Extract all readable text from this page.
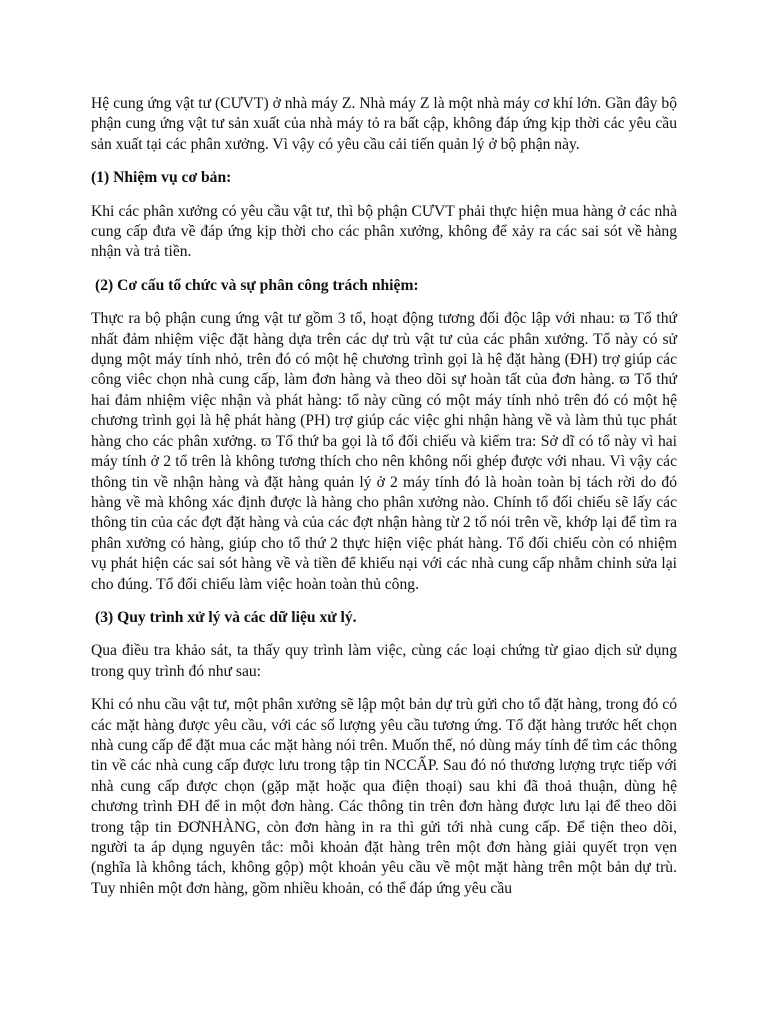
Hệ cung ứng vật tư (CƯVT) ở nhà máy Z. Nhà máy Z là một nhà máy cơ khí lớn. Gần đây bộ phận cung ứng vật tư sản xuất của nhà máy tỏ ra bất cập, không đáp ứng kịp thời các yêu cầu sản xuất tại các phân xưởng. Vì vậy có yêu cầu cải tiến quản lý ở bộ phận này.

(1) Nhiệm vụ cơ bản:

Khi các phân xưởng có yêu cầu vật tư, thì bộ phận CƯVT phải thực hiện mua hàng ở các nhà cung cấp đưa về đáp ứng kịp thời cho các phân xưởng, không để xảy ra các sai sót về hàng nhận và trả tiền.

(2) Cơ cấu tổ chức và sự phân công trách nhiệm:

Thực ra bộ phận cung ứng vật tư gồm 3 tổ, hoạt động tương đối độc lập với nhau: ϖ Tổ thứ nhất đảm nhiệm việc đặt hàng dựa trên các dự trù vật tư của các phân xưởng. Tổ này có sử dụng một máy tính nhỏ, trên đó có một hệ chương trình gọi là hệ đặt hàng (ĐH) trợ giúp các công viêc chọn nhà cung cấp, làm đơn hàng và theo dõi sự hoàn tất của đơn hàng. ϖ Tổ thứ hai đảm nhiệm việc nhận và phát hàng: tổ này cũng có một máy tính nhỏ trên đó có một hệ chương trình gọi là hệ phát hàng (PH) trợ giúp các việc ghi nhận hàng về và làm thủ tục phát hàng cho các phân xưởng. ϖ Tổ thứ ba gọi là tổ đối chiếu và kiểm tra: Sở dĩ có tổ này vì hai máy tính ở 2 tổ trên là không tương thích cho nên không nối ghép được với nhau. Vì vậy các thông tin về nhận hàng và đặt hàng quản lý ở 2 máy tính đó là hoàn toàn bị tách rời do đó hàng về mà không xác định được là hàng cho phân xưởng nào. Chính tổ đối chiếu sẽ lấy các thông tin của các đợt đặt hàng và của các đợt nhận hàng từ 2 tổ nói trên về, khớp lại để tìm ra phân xưởng có hàng, giúp cho tổ thứ 2 thực hiện việc phát hàng. Tổ đối chiếu còn có nhiệm vụ phát hiện các sai sót hàng về và tiền để khiếu nại với các nhà cung cấp nhằm chỉnh sửa lại cho đúng. Tổ đối chiếu làm việc hoàn toàn thủ công.

(3) Quy trình xử lý và các dữ liệu xử lý.

Qua điều tra khảo sát, ta thấy quy trình làm việc, cùng các loại chứng từ giao dịch sử dụng trong quy trình đó như sau:

Khi có nhu cầu vật tư, một phân xưởng sẽ lập một bản dự trù gửi cho tổ đặt hàng, trong đó có các mặt hàng được yêu cầu, với các số lượng yêu cầu tương ứng. Tổ đặt hàng trước hết chọn nhà cung cấp để đặt mua các mặt hàng nói trên. Muốn thế, nó dùng máy tính để tìm các thông tin về các nhà cung cấp được lưu trong tập tin NCCẤP. Sau đó nó thương lượng trực tiếp với nhà cung cấp được chọn (gặp mặt hoặc qua điện thoại) sau khi đã thoả thuận, dùng hệ chương trình ĐH để in một đơn hàng. Các thông tin trên đơn hàng được lưu lại để theo dõi trong tập tin ĐƠNHÀNG, còn đơn hàng in ra thì gửi tới nhà cung cấp. Để tiện theo dõi, người ta áp dụng nguyên tắc: mỗi khoản đặt hàng trên một đơn hàng giải quyết trọn vẹn (nghĩa là không tách, không gộp) một khoản yêu cầu về một mặt hàng trên một bản dự trù. Tuy nhiên một đơn hàng, gồm nhiều khoản, có thể đáp ứng yêu cầu
